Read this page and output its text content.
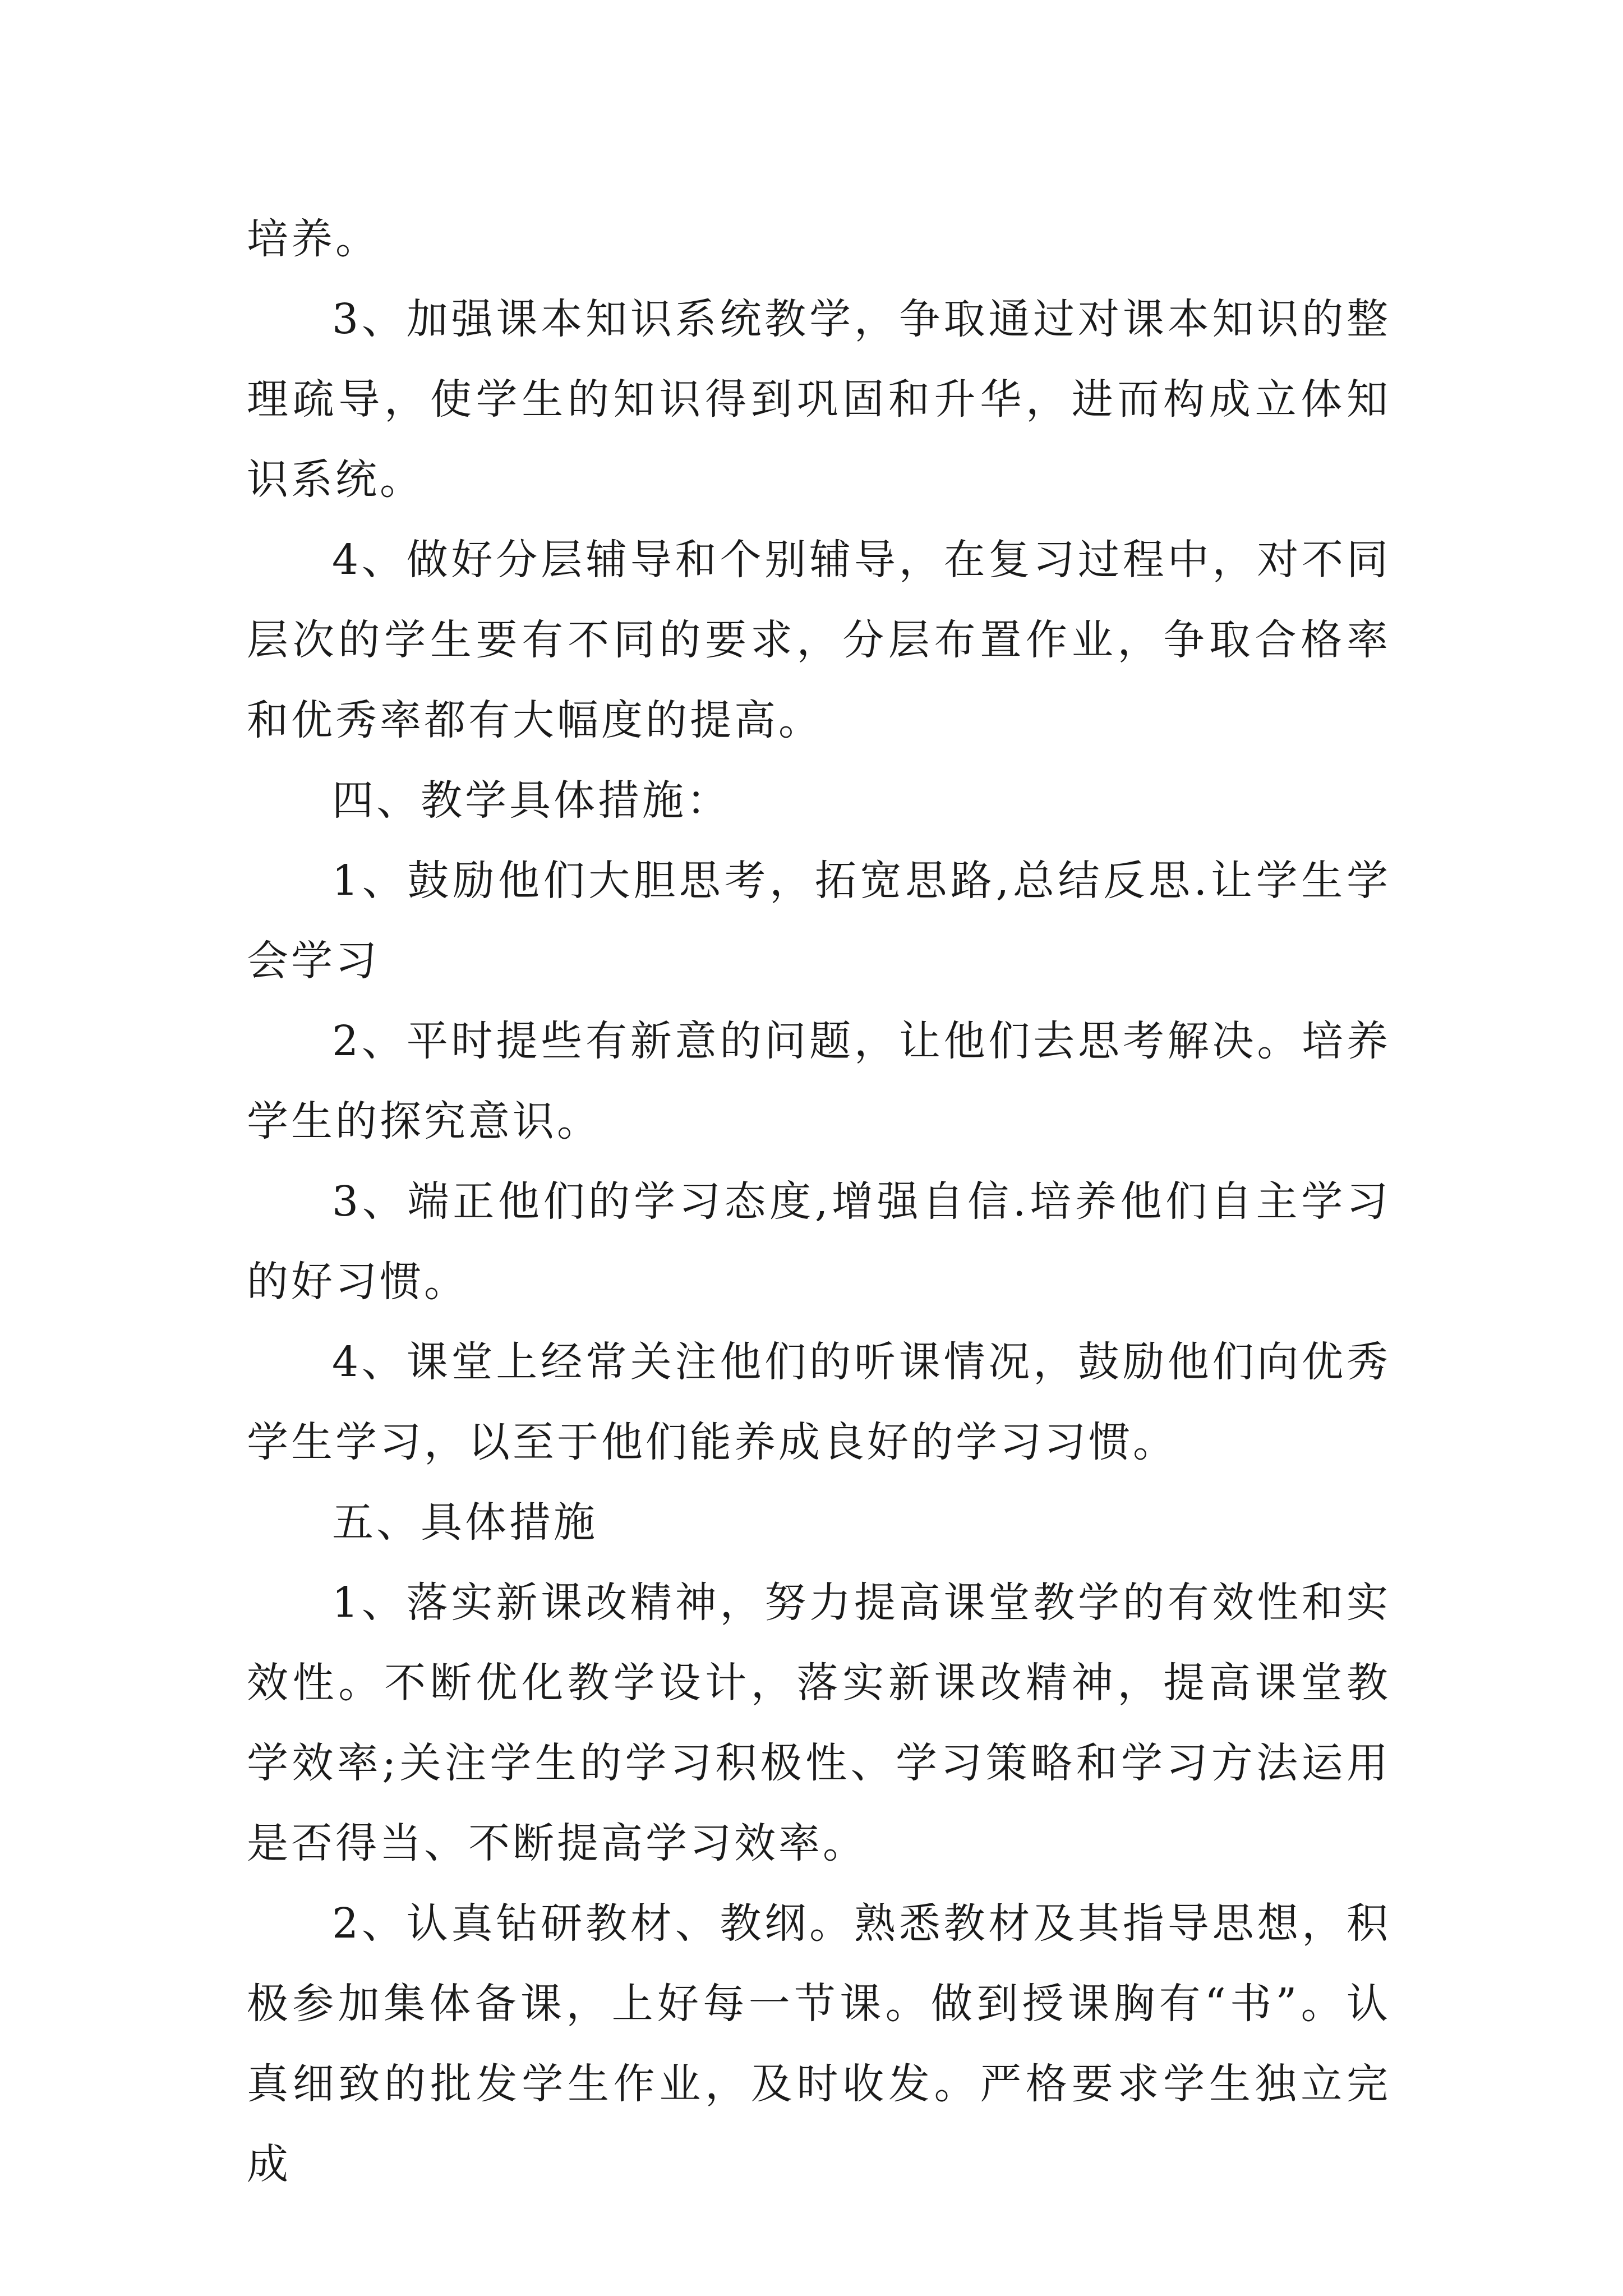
培养。

3、加强课本知识系统教学，争取通过对课本知识的整理疏导，使学生的知识得到巩固和升华，进而构成立体知识系统。

4、做好分层辅导和个别辅导，在复习过程中，对不同层次的学生要有不同的要求，分层布置作业，争取合格率和优秀率都有大幅度的提高。

四、教学具体措施：

1、鼓励他们大胆思考，拓宽思路,总结反思.让学生学会学习

2、平时提些有新意的问题，让他们去思考解决。培养学生的探究意识。

3、端正他们的学习态度,增强自信.培养他们自主学习的好习惯。

4、课堂上经常关注他们的听课情况，鼓励他们向优秀学生学习，以至于他们能养成良好的学习习惯。

五、具体措施

1、落实新课改精神，努力提高课堂教学的有效性和实效性。不断优化教学设计，落实新课改精神，提高课堂教学效率;关注学生的学习积极性、学习策略和学习方法运用是否得当、不断提高学习效率。

2、认真钻研教材、教纲。熟悉教材及其指导思想，积极参加集体备课，上好每一节课。做到授课胸有“书”。认真细致的批发学生作业，及时收发。严格要求学生独立完成
